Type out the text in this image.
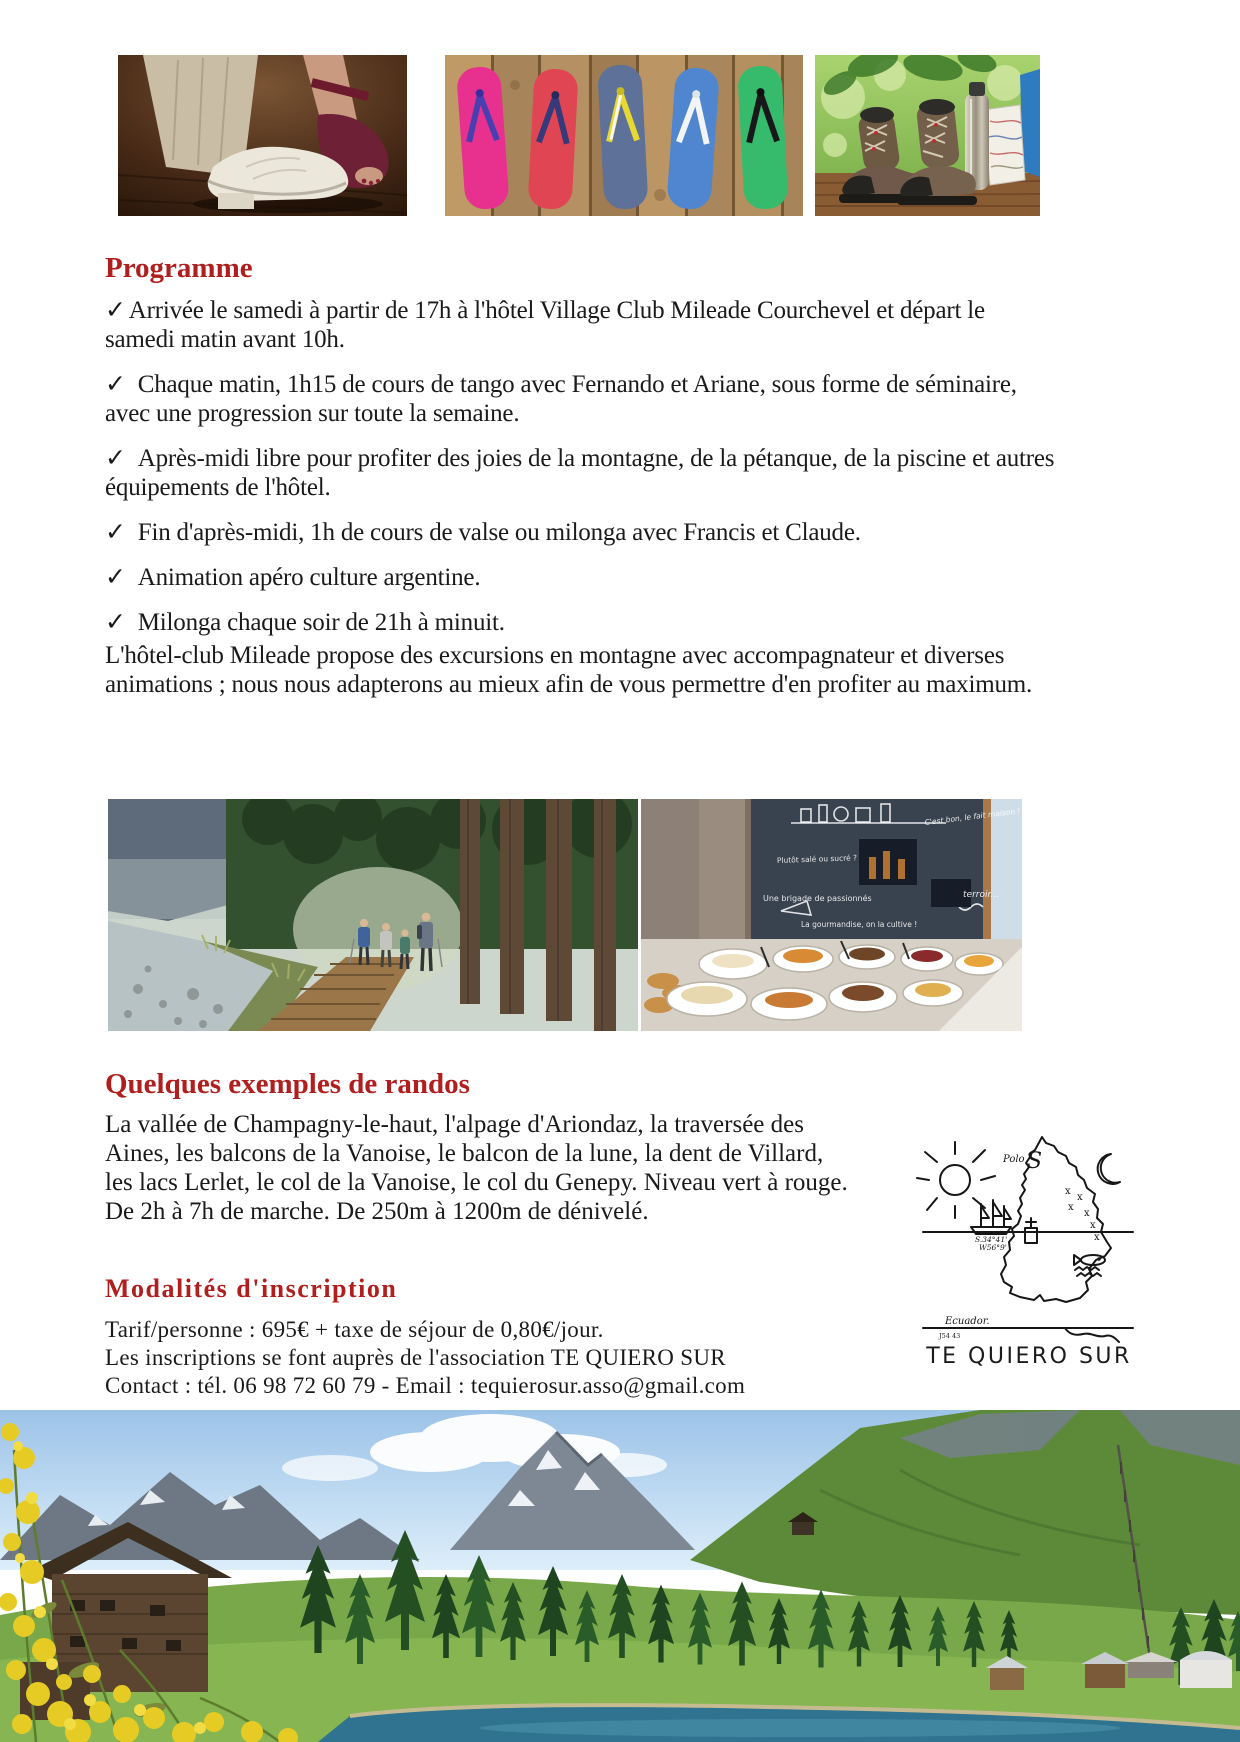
Programme

✓ Arrivée le samedi à partir de 17h à l'hôtel Village Club Mileade Courchevel et départ le samedi matin avant 10h.

✓ Chaque matin, 1h15 de cours de tango avec Fernando et Ariane, sous forme de séminaire, avec une progression sur toute la semaine.

✓ Après-midi libre pour profiter des joies de la montagne, de la pétanque, de la piscine et autres équipements de l'hôtel.

✓ Fin d'après-midi, 1h de cours de valse ou milonga avec Francis et Claude.

✓ Animation apéro culture argentine.

✓ Milonga chaque soir de 21h à minuit.

L'hôtel-club Mileade propose des excursions en montagne avec accompagnateur et diverses animations ; nous nous adapterons au mieux afin de vous permettre d'en profiter au maximum.

Plutôt salé ou sucré ?
Une brigade de passionnés
C'est bon, le fait maison !
terroir...
La gourmandise, on la cultive !
Quelques exemples de randos
La vallée de Champagny-le-haut, l'alpage d'Ariondaz, la traversée des Aines, les balcons de la Vanoise, le balcon de la lune, la dent de Villard, les lacs Lerlet, le col de la Vanoise, le col du Genepy. Niveau vert à rouge. De 2h à 7h de marche. De 250m à 1200m de dénivelé.
Polo S
x
x
x
x
x
x
S.34°41'
W56°9'
Ecuador.
J54 43
TE QUIERO SUR
Modalités d'inscription
Tarif/personne : 695€ + taxe de séjour de 0,80€/jour.
Les inscriptions se font auprès de l'association TE QUIERO SUR
Contact : tél. 06 98 72 60 79 - Email : tequierosur.asso@gmail.com
